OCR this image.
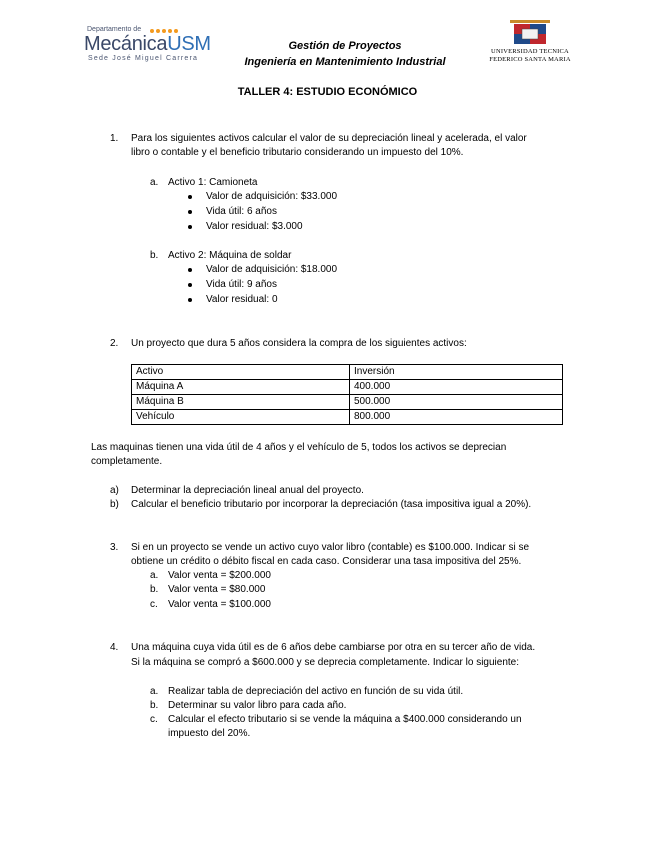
Departamento de
MecánicaUSM
Sede José Miguel Carrera
Gestión de Proyectos
Ingeniería en Mantenimiento Industrial
UNIVERSIDAD TECNICA
FEDERICO SANTA MARIA
TALLER 4: ESTUDIO ECONÓMICO
1. Para los siguientes activos calcular el valor de su depreciación lineal y acelerada, el valor
libro o contable y el beneficio tributario considerando un impuesto del 10%.
a. Activo 1: Camioneta
Valor de adquisición: $33.000
Vida útil: 6 años
Valor residual: $3.000
b. Activo 2: Máquina de soldar
Valor de adquisición: $18.000
Vida útil: 9 años
Valor residual: 0
2. Un proyecto que dura 5 años considera la compra de los siguientes activos:
Activo	Inversión
Máquina A	400.000
Máquina B	500.000
Vehículo	800.000
Las maquinas tienen una vida útil de 4 años y el vehículo de 5, todos los activos se deprecian
completamente.
a) Determinar la depreciación lineal anual del proyecto.
b) Calcular el beneficio tributario por incorporar la depreciación (tasa impositiva igual a 20%).
3. Si en un proyecto se vende un activo cuyo valor libro (contable) es $100.000. Indicar si se
obtiene un crédito o débito fiscal en cada caso. Considerar una tasa impositiva del 25%.
a. Valor venta = $200.000
b. Valor venta = $80.000
c. Valor venta = $100.000
4. Una máquina cuya vida útil es de 6 años debe cambiarse por otra en su tercer año de vida.
Si la máquina se compró a $600.000 y se deprecia completamente. Indicar lo siguiente:
a. Realizar tabla de depreciación del activo en función de su vida útil.
b. Determinar su valor libro para cada año.
c. Calcular el efecto tributario si se vende la máquina a $400.000 considerando un
impuesto del 20%.
